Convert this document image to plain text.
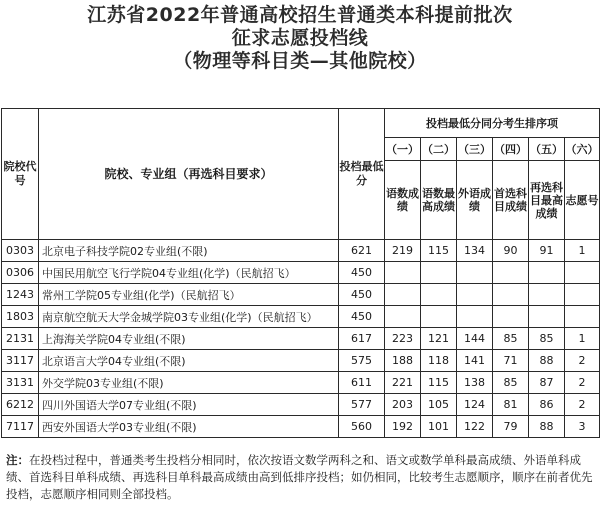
江苏省2022年普通高校招生普通类本科提前批次
征求志愿投档线
（物理等科目类—其他院校）
院校代号	院校、专业组（再选科目要求）	投档最低分	投档最低分同分考生排序项					
			（一）	（二）	（三）	（四）	（五）	（六）
			语数成绩	语数最高成绩	外语成绩	首选科目成绩	再选科目最高成绩	志愿号
0303	北京电子科技学院02专业组(不限)	621	219	115	134	90	91	1
0306	中国民用航空飞行学院04专业组(化学)（民航招飞）	450						
1243	常州工学院05专业组(化学)（民航招飞）	450						
1803	南京航空航天大学金城学院03专业组(化学)（民航招飞）	450						
2131	上海海关学院04专业组(不限)	617	223	121	144	85	85	1
3117	北京语言大学04专业组(不限)	575	188	118	141	71	88	2
3131	外交学院03专业组(不限)	611	221	115	138	85	87	2
6212	四川外国语大学07专业组(不限)	577	203	105	124	81	86	2
7117	西安外国语大学03专业组(不限)	560	192	101	122	79	88	3
注：在投档过程中，普通类考生投档分相同时，依次按语文数学两科之和、语文或数学单科最高成绩、外语单科成绩、首选科目单科成绩、再选科目单科最高成绩由高到低排序投档；如仍相同，比较考生志愿顺序，顺序在前者优先投档，志愿顺序相同则全部投档。
